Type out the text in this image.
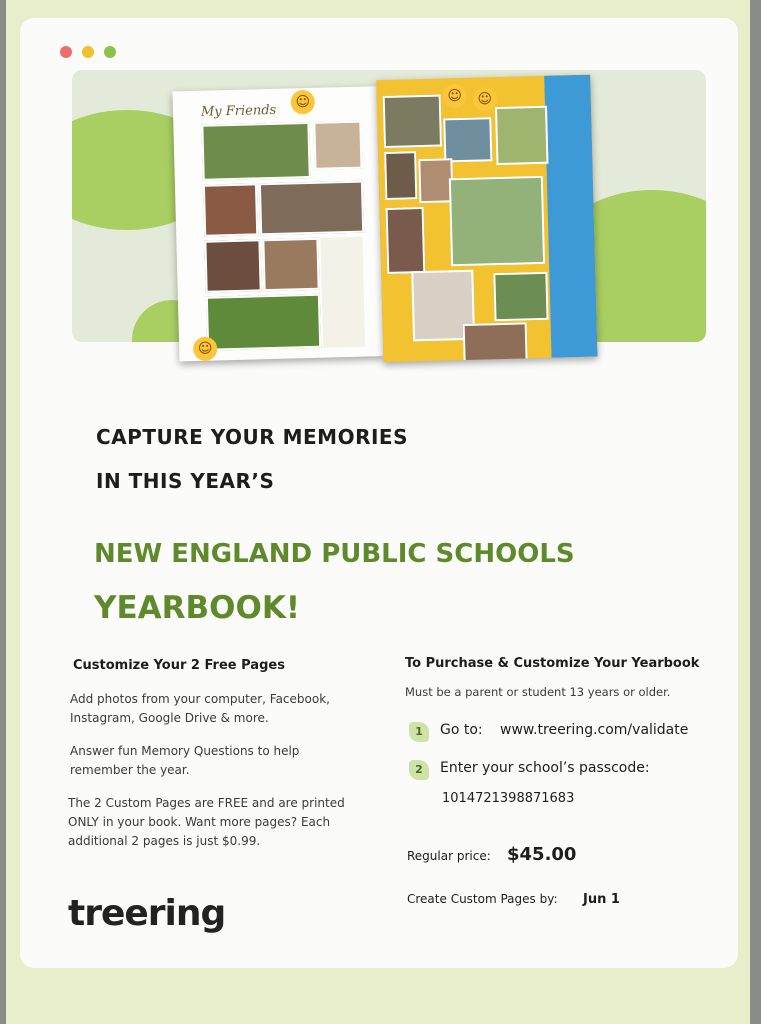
My Friends
☺
☺
☺	☺
CAPTURE YOUR MEMORIES
IN THIS YEAR’S
NEW ENGLAND PUBLIC SCHOOLS
YEARBOOK!
Customize Your 2 Free Pages
Add photos from your computer, Facebook, Instagram, Google Drive & more.
Answer fun Memory Questions to help remember the year.
The 2 Custom Pages are FREE and are printed ONLY in your book. Want more pages? Each additional 2 pages is just $0.99.
To Purchase & Customize Your Yearbook
Must be a parent or student 13 years or older.
1	Go to: www.treering.com/validate
2	Enter your school’s passcode:
1014721398871683
Regular price: $45.00
Create Custom Pages by: Jun 1
treering
